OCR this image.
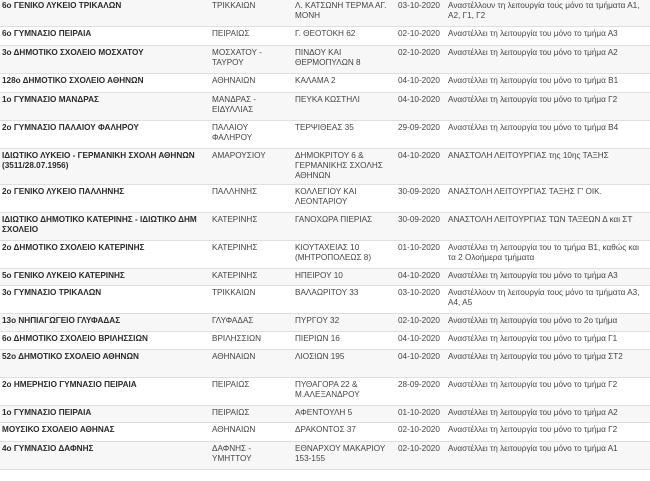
6ο ΓΕΝΙΚΟ ΛΥΚΕΙΟ ΤΡΙΚΑΛΩΝ	ΤΡΙΚΚΑΙΩΝ	Λ. ΚΑΤΣΩΝΗ ΤΕΡΜΑ ΑΓ. ΜΟΝΗ	03-10-2020	Αναστέλλουν τη λειτουργία τους μόνο τα τμήματα Α1, Α2, Γ1, Γ2
6ο ΓΥΜΝΑΣΙΟ ΠΕΙΡΑΙΑ	ΠΕΙΡΑΙΩΣ	Γ. ΘΕΟΤΟΚΗ 62	02-10-2020	Αναστέλλει τη λειτουργία του μόνο το τμήμα Α3
3ο ΔΗΜΟΤΙΚΟ ΣΧΟΛΕΙΟ ΜΟΣΧΑΤΟΥ	ΜΟΣΧΑΤΟΥ - ΤΑΥΡΟΥ	ΠΙΝΔΟΥ ΚΑΙ ΘΕΡΜΟΠΥΛΩΝ 8	02-10-2020	Αναστέλλει τη λειτουργία του μόνο το τμήμα Α2
128ο ΔΗΜΟΤΙΚΟ ΣΧΟΛΕΙΟ ΑΘΗΝΩΝ	ΑΘΗΝΑΙΩΝ	ΚΑΛΑΜΑ 2	04-10-2020	Αναστέλλει τη λειτουργία του μόνο το τμήμα Β1
1ο ΓΥΜΝΑΣΙΟ ΜΑΝΔΡΑΣ	ΜΑΝΔΡΑΣ - ΕΙΔΥΛΛΙΑΣ	ΠΕΥΚΑ ΚΩΣΤΗΛΙ	04-10-2020	Αναστέλλει τη λειτουργία του μόνο το τμήμα Γ2
2ο ΓΥΜΝΑΣΙΟ ΠΑΛΑΙΟΥ ΦΑΛΗΡΟΥ	ΠΑΛΑΙΟΥ ΦΑΛΗΡΟΥ	ΤΕΡΨΙΘΕΑΣ 35	29-09-2020	Αναστέλλει τη λειτουργία του μόνο το τμήμα Β4
ΙΔΙΩΤΙΚΟ ΛΥΚΕΙΟ - ΓΕΡΜΑΝΙΚΗ ΣΧΟΛΗ ΑΘΗΝΩΝ (3511/28.07.1956)	ΑΜΑΡΟΥΣΙΟΥ	ΔΗΜΟΚΡΙΤΟΥ 6 & ΓΕΡΜΑΝΙΚΗΣ ΣΧΟΛΗΣ ΑΘΗΝΩΝ	04-10-2020	ΑΝΑΣΤΟΛΗ ΛΕΙΤΟΥΡΓΙΑΣ της 10ης ΤΑΞΗΣ
2ο ΓΕΝΙΚΟ ΛΥΚΕΙΟ ΠΑΛΛΗΝΗΣ	ΠΑΛΛΗΝΗΣ	ΚΟΛΛΕΓΙΟΥ ΚΑΙ ΛΕΟΝΤΑΡΙΟΥ	30-09-2020	ΑΝΑΣΤΟΛΗ ΛΕΙΤΟΥΡΓΙΑΣ ΤΑΞΗΣ Γ' ΟΙΚ.
ΙΔΙΩΤΙΚΟ ΔΗΜΟΤΙΚΟ ΚΑΤΕΡΙΝΗΣ - ΙΔΙΩΤΙΚΟ ΔΗΜ ΣΧΟΛΕΙΟ	ΚΑΤΕΡΙΝΗΣ	ΓΑΝΟΧΩΡΑ ΠΙΕΡΙΑΣ	30-09-2020	ΑΝΑΣΤΟΛΗ ΛΕΙΤΟΥΡΓΙΑΣ ΤΩΝ ΤΑΞΕΩΝ Δ και ΣΤ
2ο ΔΗΜΟΤΙΚΟ ΣΧΟΛΕΙΟ ΚΑΤΕΡΙΝΗΣ	ΚΑΤΕΡΙΝΗΣ	ΚΙΟΥΤΑΧΕΙΑΣ 10 (ΜΗΤΡΟΠΟΛΕΩΣ 8)	01-10-2020	Αναστέλλει τη λειτουργία του το τμήμα Β1, καθώς και τα 2 Ολοήμερα τμήματα
5ο ΓΕΝΙΚΟ ΛΥΚΕΙΟ ΚΑΤΕΡΙΝΗΣ	ΚΑΤΕΡΙΝΗΣ	ΗΠΕΙΡΟΥ 10	04-10-2020	Αναστέλλει τη λειτουργία του μόνο το τμήμα Α3
3ο ΓΥΜΝΑΣΙΟ ΤΡΙΚΑΛΩΝ	ΤΡΙΚΚΑΙΩΝ	ΒΑΛΑΩΡΙΤΟΥ 33	03-10-2020	Αναστέλλουν τη λειτουργία τους μόνο τα τμήματα Α3, Α4, Α5
13ο ΝΗΠΙΑΓΩΓΕΙΟ ΓΛΥΦΑΔΑΣ	ΓΛΥΦΑΔΑΣ	ΠΥΡΓΟΥ 32	02-10-2020	Αναστέλλει τη λειτουργία του μόνο το 2ο τμήμα
6ο ΔΗΜΟΤΙΚΟ ΣΧΟΛΕΙΟ ΒΡΙΛΗΣΣΙΩΝ	ΒΡΙΛΗΣΣΙΩΝ	ΠΙΕΡΙΩΝ 16	04-10-2020	Αναστέλλει τη λειτουργία του μόνο το τμήμα Γ1
52ο ΔΗΜΟΤΙΚΟ ΣΧΟΛΕΙΟ ΑΘΗΝΩΝ	ΑΘΗΝΑΙΩΝ	ΛΙΟΣΙΩΝ 195	04-10-2020	Αναστέλλει τη λειτουργία του μόνο το τμήμα ΣΤ2
2ο ΗΜΕΡΗΣΙΟ ΓΥΜΝΑΣΙΟ ΠΕΙΡΑΙΑ	ΠΕΙΡΑΙΩΣ	ΠΥΘΑΓΟΡΑ 22 & Μ.ΑΛΕΞΑΝΔΡΟΥ	28-09-2020	Αναστέλλει τη λειτουργία του μόνο το τμήμα Γ2
1ο ΓΥΜΝΑΣΙΟ ΠΕΙΡΑΙΑ	ΠΕΙΡΑΙΩΣ	ΑΦΕΝΤΟΥΛΗ 5	01-10-2020	Αναστέλλει τη λειτουργία του μόνο το τμήμα Α2
ΜΟΥΣΙΚΟ ΣΧΟΛΕΙΟ ΑΘΗΝΑΣ	ΑΘΗΝΑΙΩΝ	ΔΡΑΚΟΝΤΟΣ 37	02-10-2020	Αναστέλλει τη λειτουργία του μόνο το τμήμα Γ2
4ο ΓΥΜΝΑΣΙΟ ΔΑΦΝΗΣ	ΔΑΦΝΗΣ - ΥΜΗΤΤΟΥ	ΕΘΝΑΡΧΟΥ ΜΑΚΑΡΙΟΥ 153-155	02-10-2020	Αναστέλλει τη λειτουργία του μόνο το τμήμα Α1
